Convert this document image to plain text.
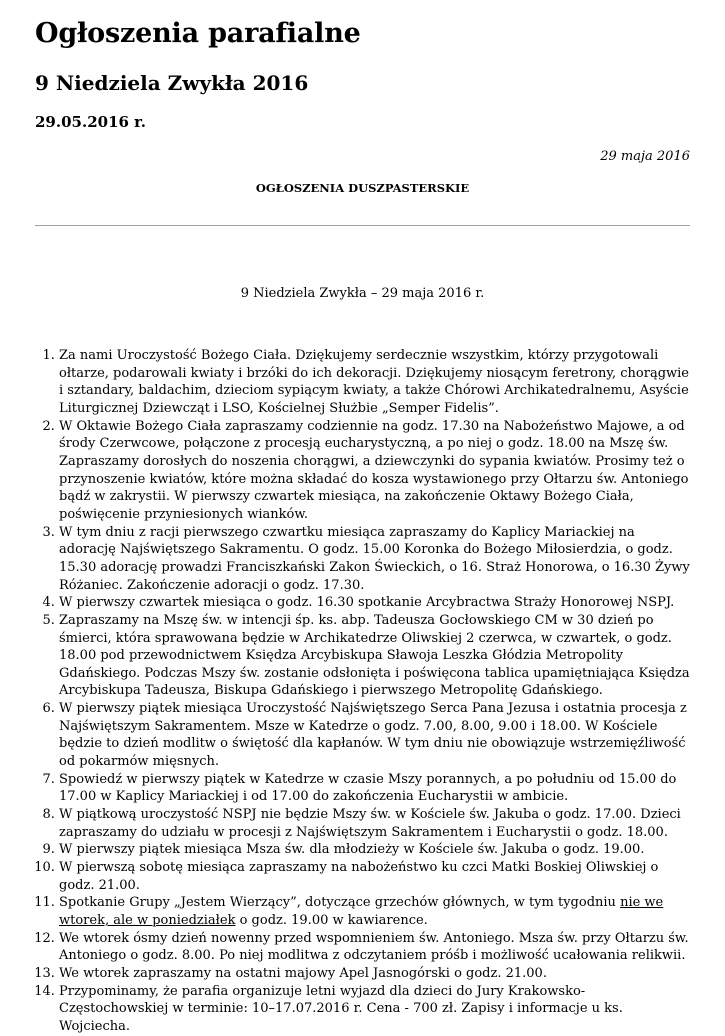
Ogłoszenia parafialne
9 Niedziela Zwykła 2016

29.05.2016 r.

29 maja 2016

OGŁOSZENIA DUSZPASTERSKIE

9 Niedziela Zwykła – 29 maja 2016 r.

1. Za nami Uroczystość Bożego Ciała. Dziękujemy serdecznie wszystkim, którzy przygotowali ołtarze, podarowali kwiaty i brzóki do ich dekoracji. Dziękujemy niosącym feretrony, chorągwie i sztandary, baldachim, dzieciom sypiącym kwiaty, a także Chórowi Archikatedralnemu, Asyście Liturgicznej Dziewcząt i LSO, Kościelnej Służbie „Semper Fidelis”.
2. W Oktawie Bożego Ciała zapraszamy codziennie na godz. 17.30 na Nabożeństwo Majowe, a od środy Czerwcowe, połączone z procesją eucharystyczną, a po niej o godz. 18.00 na Mszę św. Zapraszamy dorosłych do noszenia chorągwi, a dziewczynki do sypania kwiatów. Prosimy też o przynoszenie kwiatów, które można składać do kosza wystawionego przy Ołtarzu św. Antoniego bądź w zakrystii. W pierwszy czwartek miesiąca, na zakończenie Oktawy Bożego Ciała, poświęcenie przyniesionych wianków.
3. W tym dniu z racji pierwszego czwartku miesiąca zapraszamy do Kaplicy Mariackiej na adorację Najświętszego Sakramentu. O godz. 15.00 Koronka do Bożego Miłosierdzia, o godz. 15.30 adorację prowadzi Franciszkański Zakon Świeckich, o 16. Straż Honorowa, o 16.30 Żywy Różaniec. Zakończenie adoracji o godz. 17.30.
4. W pierwszy czwartek miesiąca o godz. 16.30 spotkanie Arcybractwa Straży Honorowej NSPJ.
5. Zapraszamy na Mszę św. w intencji śp. ks. abp. Tadeusza Gocłowskiego CM w 30 dzień po śmierci, która sprawowana będzie w Archikatedrze Oliwskiej 2 czerwca, w czwartek, o godz. 18.00 pod przewodnictwem Księdza Arcybiskupa Sławoja Leszka Głódzia Metropolity Gdańskiego. Podczas Mszy św. zostanie odsłonięta i poświęcona tablica upamiętniająca Księdza Arcybiskupa Tadeusza, Biskupa Gdańskiego i pierwszego Metropolitę Gdańskiego.
6. W pierwszy piątek miesiąca Uroczystość Najświętszego Serca Pana Jezusa i ostatnia procesja z Najświętszym Sakramentem. Msze w Katedrze o godz. 7.00, 8.00, 9.00 i 18.00. W Kościele będzie to dzień modlitw o świętość dla kapłanów. W tym dniu nie obowiązuje wstrzemięźliwość od pokarmów mięsnych.
7. Spowiedź w pierwszy piątek w Katedrze w czasie Mszy porannych, a po południu od 15.00 do 17.00 w Kaplicy Mariackiej i od 17.00 do zakończenia Eucharystii w ambicie.
8. W piątkową uroczystość NSPJ nie będzie Mszy św. w Kościele św. Jakuba o godz. 17.00. Dzieci zapraszamy do udziału w procesji z Najświętszym Sakramentem i Eucharystii o godz. 18.00.
9. W pierwszy piątek miesiąca Msza św. dla młodzieży w Kościele św. Jakuba o godz. 19.00.
10. W pierwszą sobotę miesiąca zapraszamy na nabożeństwo ku czci Matki Boskiej Oliwskiej o godz. 21.00.
11. Spotkanie Grupy „Jestem Wierzący”, dotyczące grzechów głównych, w tym tygodniu nie we wtorek, ale w poniedziałek o godz. 19.00 w kawiarence.
12. We wtorek ósmy dzień nowenny przed wspomnieniem św. Antoniego. Msza św. przy Ołtarzu św. Antoniego o godz. 8.00. Po niej modlitwa z odczytaniem próśb i możliwość ucałowania relikwii.
13. We wtorek zapraszamy na ostatni majowy Apel Jasnogórski o godz. 21.00.
14. Przypominamy, że parafia organizuje letni wyjazd dla dzieci do Jury Krakowsko-Częstochowskiej w terminie: 10–17.07.2016 r. Cena - 700 zł. Zapisy i informacje u ks. Wojciecha.
